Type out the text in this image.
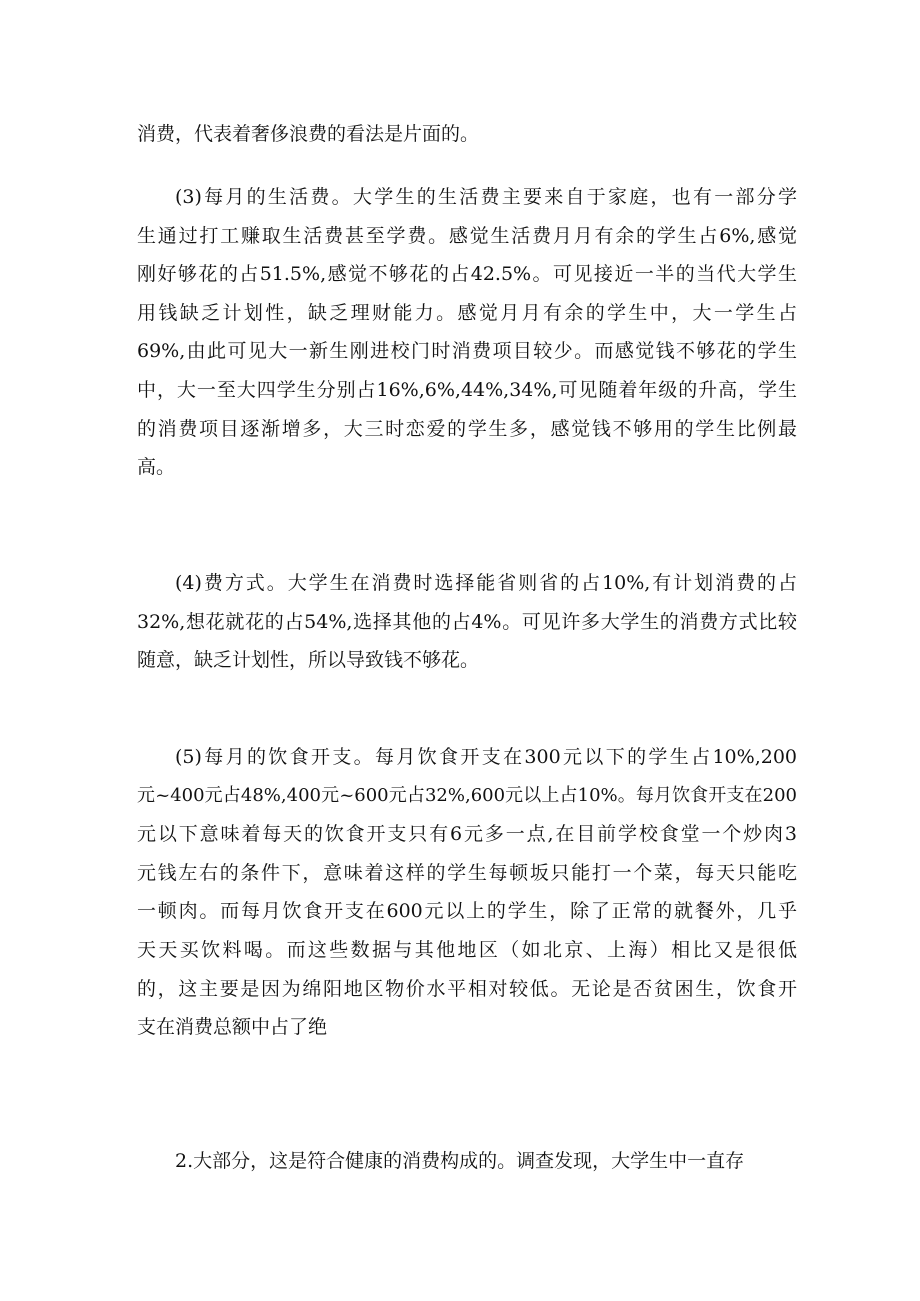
消费，代表着奢侈浪费的看法是片面的。

(3)每月的生活费。大学生的生活费主要来自于家庭，也有一部分学
生通过打工赚取生活费甚至学费。感觉生活费月月有余的学生占6%,感觉
刚好够花的占51.5%,感觉不够花的占42.5%。可见接近一半的当代大学生
用钱缺乏计划性，缺乏理财能力。感觉月月有余的学生中，大一学生占
69%,由此可见大一新生刚进校门时消费项目较少。而感觉钱不够花的学生
中，大一至大四学生分别占16%,6%,44%,34%,可见随着年级的升高，学生
的消费项目逐渐增多，大三时恋爱的学生多，感觉钱不够用的学生比例最
高。

(4)费方式。大学生在消费时选择能省则省的占10%,有计划消费的占
32%,想花就花的占54%,选择其他的占4%。可见许多大学生的消费方式比较
随意，缺乏计划性，所以导致钱不够花。

(5)每月的饮食开支。每月饮食开支在300元以下的学生占10%,200
元~400元占48%,400元~600元占32%,600元以上占10%。每月饮食开支在200
元以下意味着每天的饮食开支只有6元多一点,在目前学校食堂一个炒肉3
元钱左右的条件下，意味着这样的学生每顿坂只能打一个菜，每天只能吃
一顿肉。而每月饮食开支在600元以上的学生，除了正常的就餐外，几乎
天天买饮料喝。而这些数据与其他地区（如北京、上海）相比又是很低
的，这主要是因为绵阳地区物价水平相对较低。无论是否贫困生，饮食开
支在消费总额中占了绝

2.大部分，这是符合健康的消费构成的。调查发现，大学生中一直存
